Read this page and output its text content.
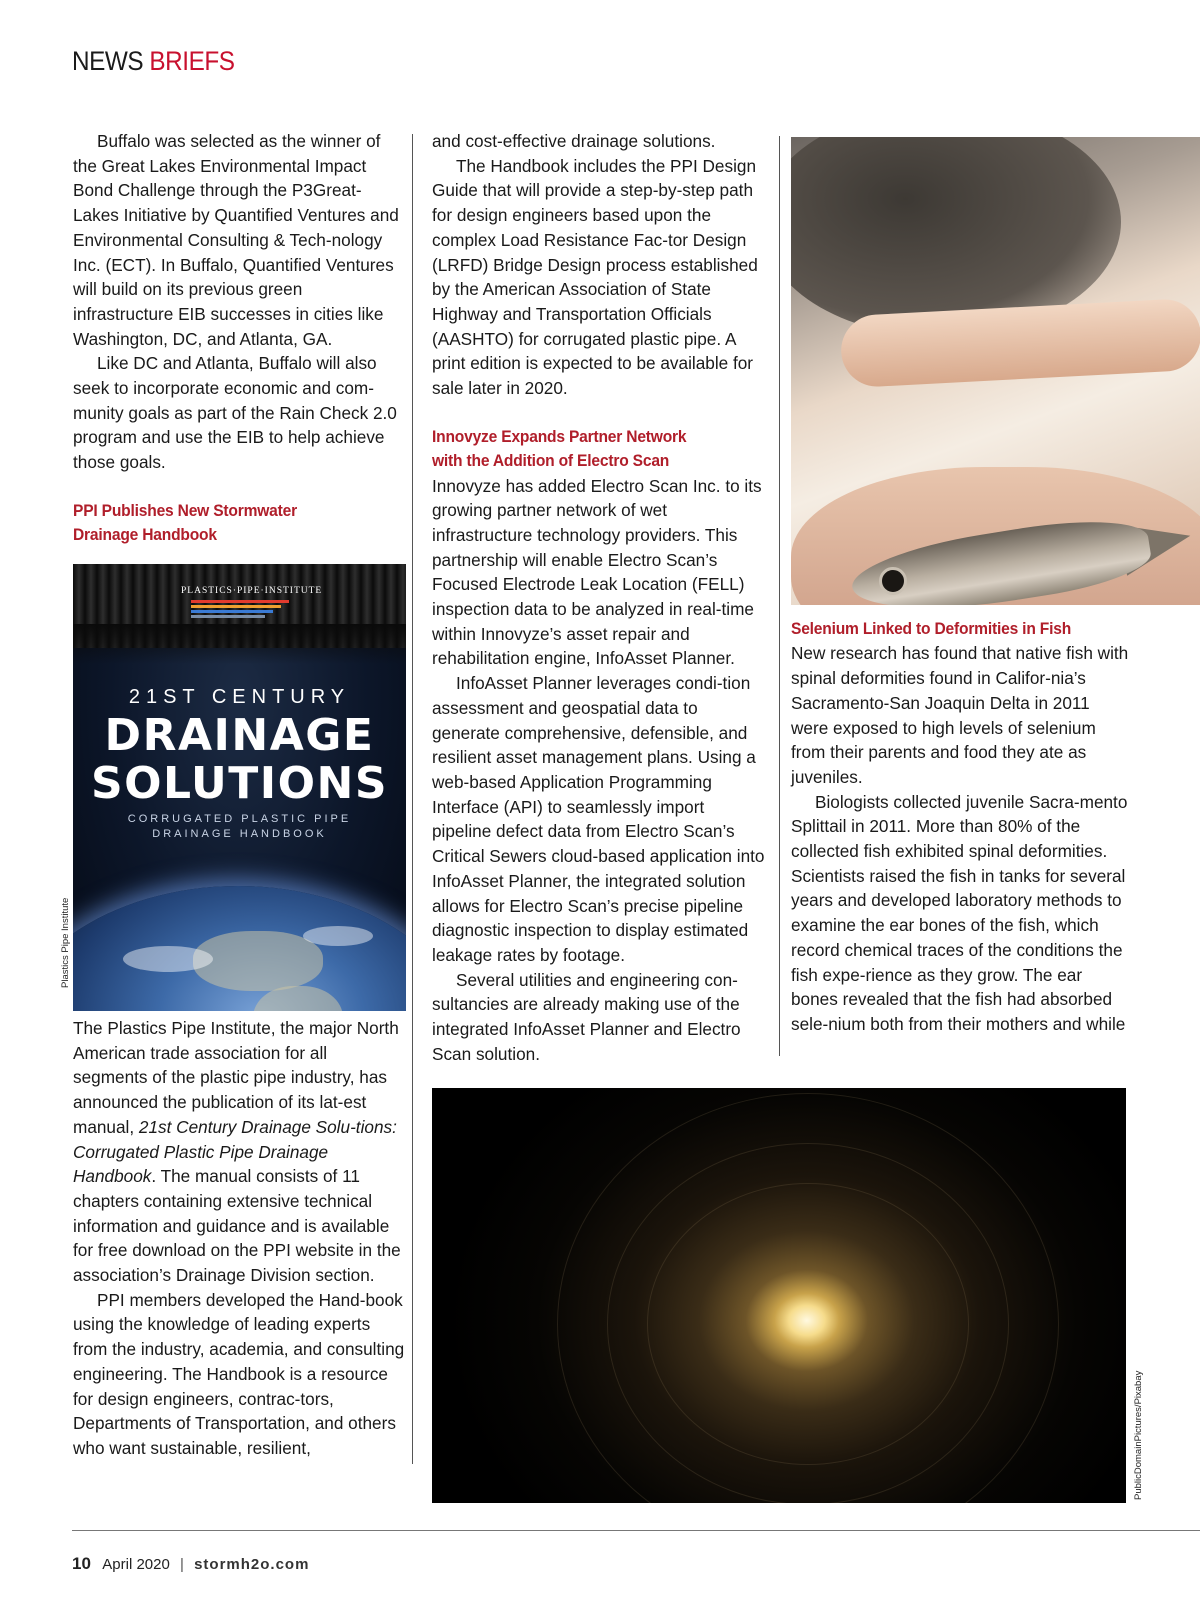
NEWS BRIEFS

Buffalo was selected as the winner of the Great Lakes Environmental Impact Bond Challenge through the P3Great-Lakes Initiative by Quantified Ventures and Environmental Consulting & Tech-nology Inc. (ECT). In Buffalo, Quantified Ventures will build on its previous green infrastructure EIB successes in cities like Washington, DC, and Atlanta, GA.

Like DC and Atlanta, Buffalo will also seek to incorporate economic and com-munity goals as part of the Rain Check 2.0 program and use the EIB to help achieve those goals.

PPI Publishes New Stormwater
Drainage Handbook
PLASTICS·PIPE·INSTITUTE
21ST CENTURY
DRAINAGE
SOLUTIONS
CORRUGATED PLASTIC PIPE
DRAINAGE HANDBOOK
Plastics Pipe Institute

The Plastics Pipe Institute, the major North American trade association for all segments of the plastic pipe industry, has announced the publication of its lat-est manual, 21st Century Drainage Solu-tions: Corrugated Plastic Pipe Drainage Handbook. The manual consists of 11 chapters containing extensive technical information and guidance and is available for free download on the PPI website in the association’s Drainage Division section.

PPI members developed the Hand-book using the knowledge of leading experts from the industry, academia, and consulting engineering. The Handbook is a resource for design engineers, contrac-tors, Departments of Transportation, and others who want sustainable, resilient,

and cost-effective drainage solutions.

The Handbook includes the PPI Design Guide that will provide a step-by-step path for design engineers based upon the complex Load Resistance Fac-tor Design (LRFD) Bridge Design process established by the American Association of State Highway and Transportation Officials (AASHTO) for corrugated plastic pipe. A print edition is expected to be available for sale later in 2020.

Innovyze Expands Partner Network
with the Addition of Electro Scan

Innovyze has added Electro Scan Inc. to its growing partner network of wet infrastructure technology providers. This partnership will enable Electro Scan’s Focused Electrode Leak Location (FELL) inspection data to be analyzed in real-time within Innovyze’s asset repair and rehabilitation engine, InfoAsset Planner.

InfoAsset Planner leverages condi-tion assessment and geospatial data to generate comprehensive, defensible, and resilient asset management plans. Using a web-based Application Programming Interface (API) to seamlessly import pipeline defect data from Electro Scan’s Critical Sewers cloud-based application into InfoAsset Planner, the integrated solution allows for Electro Scan’s precise pipeline diagnostic inspection to display estimated leakage rates by footage.

Several utilities and engineering con-sultancies are already making use of the integrated InfoAsset Planner and Electro Scan solution.

Selenium Linked to Deformities in Fish

New research has found that native fish with spinal deformities found in Califor-nia’s Sacramento-San Joaquin Delta in 2011 were exposed to high levels of selenium from their parents and food they ate as juveniles.

Biologists collected juvenile Sacra-mento Splittail in 2011. More than 80% of the collected fish exhibited spinal deformities. Scientists raised the fish in tanks for several years and developed laboratory methods to examine the ear bones of the fish, which record chemical traces of the conditions the fish expe-rience as they grow. The ear bones revealed that the fish had absorbed sele-nium both from their mothers and while

PublicDomainPictures/Pixabay
10 April 2020 | stormh2o.com
